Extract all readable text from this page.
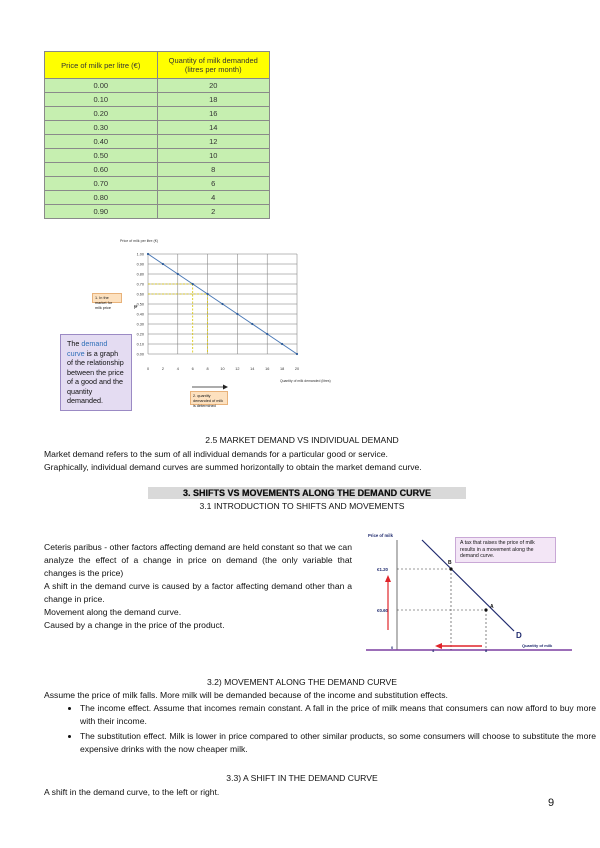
Price of milk per litre (€)	Quantity of milk demanded (litres per month)
0.00	20
0.10	18
0.20	16
0.30	14
0.40	12
0.50	10
0.60	8
0.70	6
0.80	4
0.90	2
1.00
0.90
0.80
0.70
0.60
0.50
0.40
0.30
0.20
0.10
0.00
0	2	4	6	8	10	12	14	16	18	20
Price of milk per litre (€)
Quantity of milk demanded (litres)
₱
1. In the market for milk price
2. quantity demanded of milk is determined
The demand curve is a graph of the relationship between the price of a good and the quantity demanded.
2.5 MARKET DEMAND VS INDIVIDUAL DEMAND
Market demand refers to the sum of all individual demands for a particular good or service.
Graphically, individual demand curves are summed horizontally to obtain the market demand curve.
3. SHIFTS VS MOVEMENTS ALONG THE DEMAND CURVE
3.1 INTRODUCTION TO SHIFTS AND MOVEMENTS
Ceteris paribus - other factors affecting demand are held constant so that we can analyze the effect of a change in price on demand (the only variable that changes is the price)
A shift in the demand curve is caused by a factor affecting demand other than a change in price.
Movement along the demand curve.
Caused by a change in the price of the product.
Price of milk
D
B
A
€1.20
€0.60
0
4	8
Quantity of milk
A tax that raises the price of milk results in a movement along the demand curve.
3.2) MOVEMENT ALONG THE DEMAND CURVE
Assume the price of milk falls. More milk will be demanded because of the income and substitution effects.
• The income effect. Assume that incomes remain constant. A fall in the price of milk means that consumers can now afford to buy more with their income.
• The substitution effect. Milk is lower in price compared to other similar products, so some consumers will choose to substitute the more expensive drinks with the now cheaper milk.
3.3) A SHIFT IN THE DEMAND CURVE
A shift in the demand curve, to the left or right.
9
